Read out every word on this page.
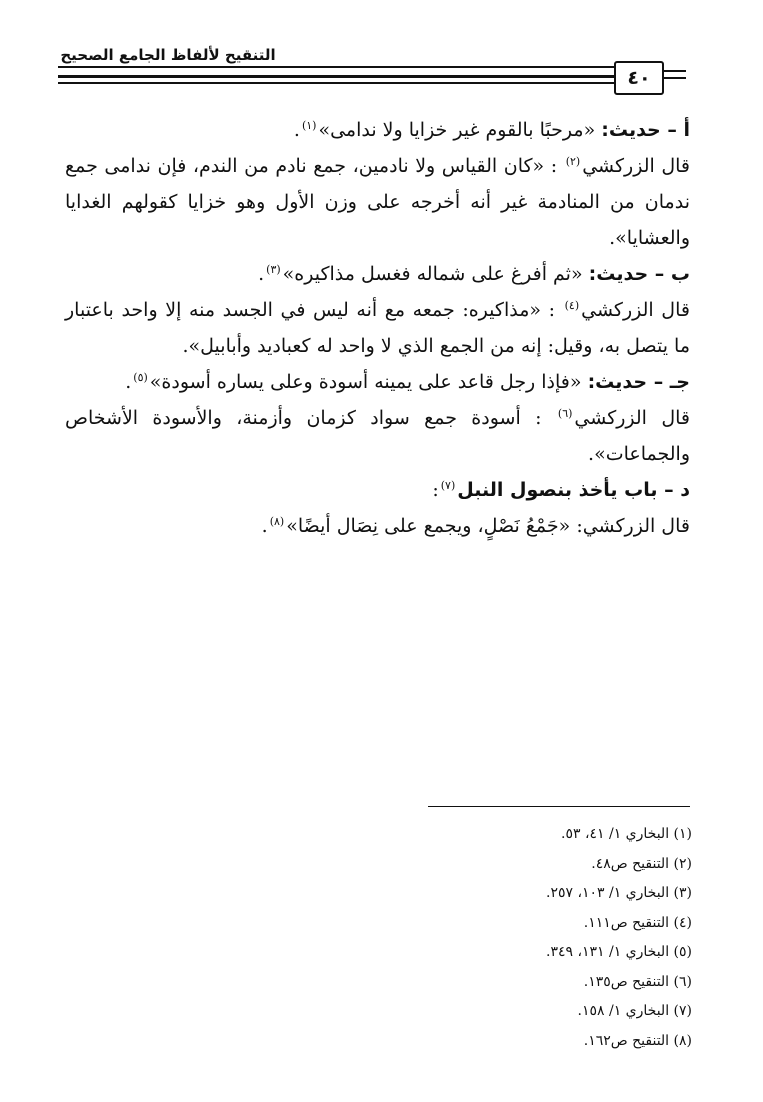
التنقيح لألفاظ الجامع الصحيح
٤٠

أ – حديث: «مرحبًا بالقوم غير خزايا ولا ندامى»$^{(١)}$.

قال الزركشي$^{(٢)}$ : «كان القياس ولا نادمين، جمع نادم من الندم، فإن ندامى جمع ندمان من المنادمة غير أنه أخرجه على وزن الأول وهو خزايا كقولهم الغدايا والعشايا».

ب – حديث: «ثم أفرغ على شماله فغسل مذاكيره»$^{(٣)}$.

قال الزركشي$^{(٤)}$ : «مذاكيره: جمعه مع أنه ليس في الجسد منه إلا واحد باعتبار ما يتصل به، وقيل: إنه من الجمع الذي لا واحد له كعباديد وأبابيل».

جـ – حديث: «فإذا رجل قاعد على يمينه أسودة وعلى يساره أسودة»$^{(٥)}$.

قال الزركشي$^{(٦)}$ : أسودة جمع سواد كزمان وأزمنة، والأسودة الأشخاص والجماعات».

د – باب يأخذ بنصول النبل$^{(٧)}$:

قال الزركشي: «جَمْعُ نَصْلٍ، ويجمع على نِصَال أيضًا»$^{(٨)}$.

(١) البخاري ١/ ٤١، ٥٣.
(٢) التنقيح ص٤٨.
(٣) البخاري ١/ ١٠٣، ٢٥٧.
(٤) التنقيح ص١١١.
(٥) البخاري ١/ ١٣١، ٣٤٩.
(٦) التنقيح ص١٣٥.
(٧) البخاري ١/ ١٥٨.
(٨) التنقيح ص١٦٢.
